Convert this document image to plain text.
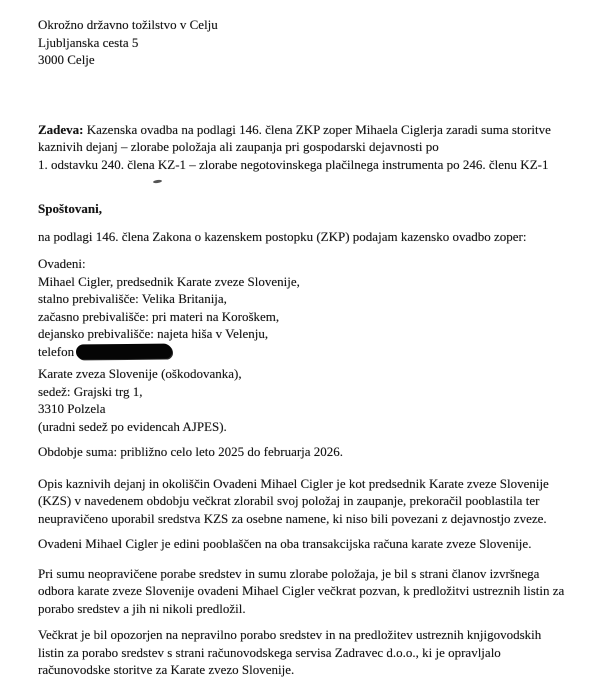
Okrožno državno tožilstvo v Celju
Ljubljanska cesta 5
3000 Celje
Zadeva: Kazenska ovadba na podlagi 146. člena ZKP zoper Mihaela Ciglerja zaradi suma storitve
kaznivih dejanj – zlorabe položaja ali zaupanja pri gospodarski dejavnosti po
1. odstavku 240. člena KZ-1 – zlorabe negotovinskega plačilnega instrumenta po 246. členu KZ-1
Spoštovani,
na podlagi 146. člena Zakona o kazenskem postopku (ZKP) podajam kazensko ovadbo zoper:
Ovadeni:
Mihael Cigler, predsednik Karate zveze Slovenije,
stalno prebivališče: Velika Britanija,
začasno prebivališče: pri materi na Koroškem,
dejansko prebivališče: najeta hiša v Velenju,
telefon
Karate zveza Slovenije (oškodovanka),
sedež: Grajski trg 1,
3310 Polzela
(uradni sedež po evidencah AJPES).
Obdobje suma: približno celo leto 2025 do februarja 2026.
Opis kaznivih dejanj in okoliščin Ovadeni Mihael Cigler je kot predsednik Karate zveze Slovenije
(KZS) v navedenem obdobju večkrat zlorabil svoj položaj in zaupanje, prekoračil pooblastila ter
neupravičeno uporabil sredstva KZS za osebne namene, ki niso bili povezani z dejavnostjo zveze.
Ovadeni Mihael Cigler je edini pooblaščen na oba transakcijska računa karate zveze Slovenije.
Pri sumu neopravičene porabe sredstev in sumu zlorabe položaja, je bil s strani članov izvršnega
odbora karate zveze Slovenije ovadeni Mihael Cigler večkrat pozvan, k predložitvi ustreznih listin za
porabo sredstev a jih ni nikoli predložil.
Večkrat je bil opozorjen na nepravilno porabo sredstev in na predložitev ustreznih knjigovodskih
listin za porabo sredstev s strani računovodskega servisa Zadravec d.o.o., ki je opravljalo
računovodske storitve za Karate zvezo Slovenije.
